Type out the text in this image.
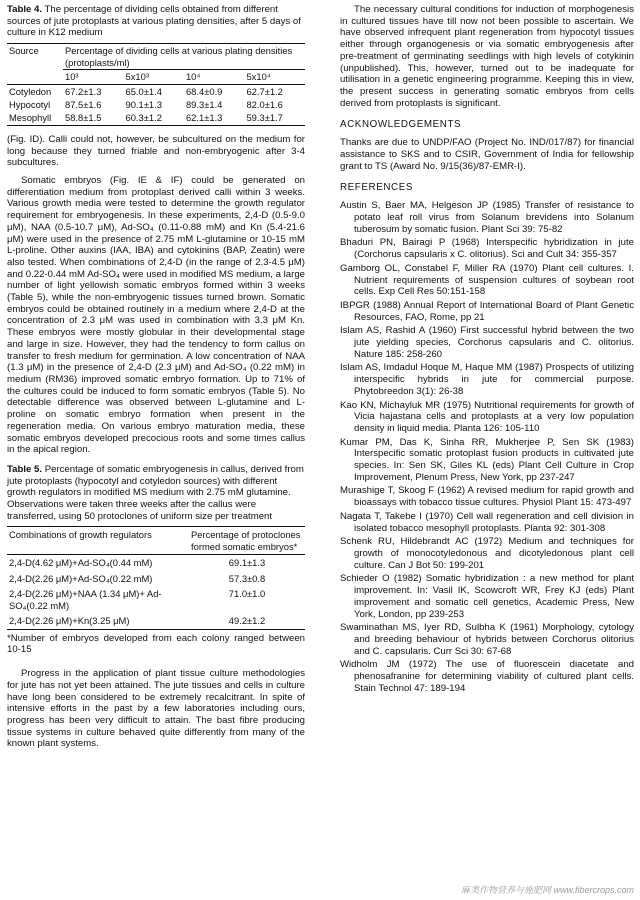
Table 4. The percentage of dividing cells obtained from different sources of jute protoplasts at various plating densities, after 5 days of culture in K12 medium
Source	Percentage of dividing cells at various plating densities (protoplasts/ml)			
	10³	5x10³	10⁴	5x10⁴
Cotyledon	67.2±1.3	65.0±1.4	68.4±0.9	62.7±1.2
Hypocotyl	87.5±1.6	90.1±1.3	89.3±1.4	82.0±1.6
Mesophyll	58.8±1.5	60.3±1.2	62.1±1.3	59.3±1.7

(Fig. ID). Calli could not, however, be subcultured on the medium for long because they turned friable and non-embryogenic after 3-4 subcultures.

Somatic embryos (Fig. IE & IF) could be generated on differentiation medium from protoplast derived calli within 3 weeks. Various growth media were tested to determine the growth regulator requirement for embryogenesis. In these experiments, 2,4-D (0.5-9.0 μM), NAA (0.5-10.7 μM), Ad-SO₄ (0.11-0.88 mM) and Kn (5.4-21.6 μM) were used in the presence of 2.75 mM L-glutamine or 10-15 mM L-proline. Other auxins (IAA, IBA) and cytokinins (BAP, Zeatin) were also tested. When combinations of 2,4-D (in the range of 2.3-4.5 μM) and 0.22-0.44 mM Ad-SO₄ were used in modified MS medium, a large number of light yellowish somatic embryos formed within 3 weeks (Table 5), while the non-embryogenic tissues turned brown. Somatic embryos could be obtained routinely in a medium where 2,4-D at the concentration of 2.3 μM was used in combination with 3.3 μM Kn. These embryos were mostly globular in their developmental stage and large in size. However, they had the tendency to form callus on transfer to fresh medium for germination. A low concentration of NAA (1.3 μM) in the presence of 2,4-D (2.3 μM) and Ad-SO₄ (0.22 mM) in medium (RM36) improved somatic embryo formation. Up to 71% of the cultures could be induced to form somatic embryos (Table 5). No detectable difference was observed between L-glutamine and L-proline on somatic embryo formation when present in the regeneration media. On various embryo maturation media, these somatic embryos developed precocious roots and some times callus in the apical region.

Table 5. Percentage of somatic embryogenesis in callus, derived from jute protoplasts (hypocotyl and cotyledon sources) with different growth regulators in modified MS medium with 2.75 mM glutamine. Observations were taken three weeks after the callus were transferred, using 50 protoclones of uniform size per treatment
Combinations of growth regulators	Percentage of protoclones formed somatic embryos*
2,4-D(4.62 μM)+Ad-SO₄(0.44 mM)	69.1±1.3
2,4-D(2.26 μM)+Ad-SO₄(0.22 mM)	57.3±0.8
2,4-D(2.26 μM)+NAA (1.34 μM)+ Ad-SO₄(0.22 mM)	71.0±1.0
2,4-D(2.26 μM)+Kn(3.25 μM)	49.2±1.2

*Number of embryos developed from each colony ranged between 10-15

Progress in the application of plant tissue culture methodologies for jute has not yet been attained. The jute tissues and cells in culture have long been considered to be extremely recalcitrant. In spite of intensive efforts in the past by a few laboratories including ours, progress has been very difficult to attain. The bast fibre producing tissue systems in culture behaved quite differently from many of the known plant systems.

The necessary cultural conditions for induction of morphogenesis in cultured tissues have till now not been possible to ascertain. We have observed infrequent plant regeneration from hypocotyl tissues either through organogenesis or via somatic embryogenesis after pre-treatment of germinating seedlings with high levels of cotykinin (unpublished). This, however, turned out to be inadequate for utilisation in a genetic engineering programme. Keeping this in view, the present success in generating somatic embryos from cells derived from protoplasts is significant.

ACKNOWLEDGEMENTS

Thanks are due to UNDP/FAO (Project No. IND/017/87) for financial assistance to SKS and to CSIR, Government of India for fellowship grant to TS (Award No. 9/15(36)/87-EMR-I).

REFERENCES

Austin S, Baer MA, Helgeson JP (1985) Transfer of resistance to potato leaf roll virus from Solanum brevidens into Solanum tuberosum by somatic fusion. Plant Sci 39: 75-82

Bhaduri PN, Bairagi P (1968) Interspecific hybridization in jute (Corchorus capsularis x C. olitorius). Sci and Cult 34: 355-357

Gamborg OL, Constabel F, Miller RA (1970) Plant cell cultures. I. Nutrient requirements of suspension cultures of soybean root cells. Exp Cell Res 50:151-158

IBPGR (1988) Annual Report of International Board of Plant Genetic Resources, FAO, Rome, pp 21

Islam AS, Rashid A (1960) First successful hybrid between the two jute yielding species, Corchorus capsularis and C. olitorius. Nature 185: 258-260

Islam AS, Imdadul Hoque M, Haque MM (1987) Prospects of utilizing interspecific hybrids in jute for commercial purpose. Phytobreedon 3(1): 26-38

Kao KN, Michayluk MR (1975) Nutritional requirements for growth of Vicia hajastana cells and protoplasts at a very low population density in liquid media. Planta 126: 105-110

Kumar PM, Das K, Sinha RR, Mukherjee P, Sen SK (1983) Interspecific somatic protoplast fusion products in cultivated jute species. In: Sen SK, Giles KL (eds) Plant Cell Culture in Crop Improvement, Plenum Press, New York, pp 237-247

Murashige T, Skoog F (1962) A revised medium for rapid growth and bioassays with tobacco tissue cultures. Physiol Plant 15: 473-497

Nagata T, Takebe I (1970) Cell wall regeneration and cell division in isolated tobacco mesophyll protoplasts. Planta 92: 301-308

Schenk RU, Hildebrandt AC (1972) Medium and techniques for growth of monocotyledonous and dicotyledonous plant cell culture. Can J Bot 50: 199-201

Schieder O (1982) Somatic hybridization : a new method for plant improvement. In: Vasil IK, Scowcroft WR, Frey KJ (eds) Plant improvement and somatic cell genetics, Academic Press, New York, London, pp 239-253

Swaminathan MS, Iyer RD, Sulbha K (1961) Morphology, cytology and breeding behaviour of hybrids between Corchorus olitorius and C. capsularis. Curr Sci 30: 67-68

Widholm JM (1972) The use of fluorescein diacetate and phenosafranine for determining viability of cultured plant cells. Stain Technol 47: 189-194

麻类作物营养与施肥网 www.fibercrops.com
